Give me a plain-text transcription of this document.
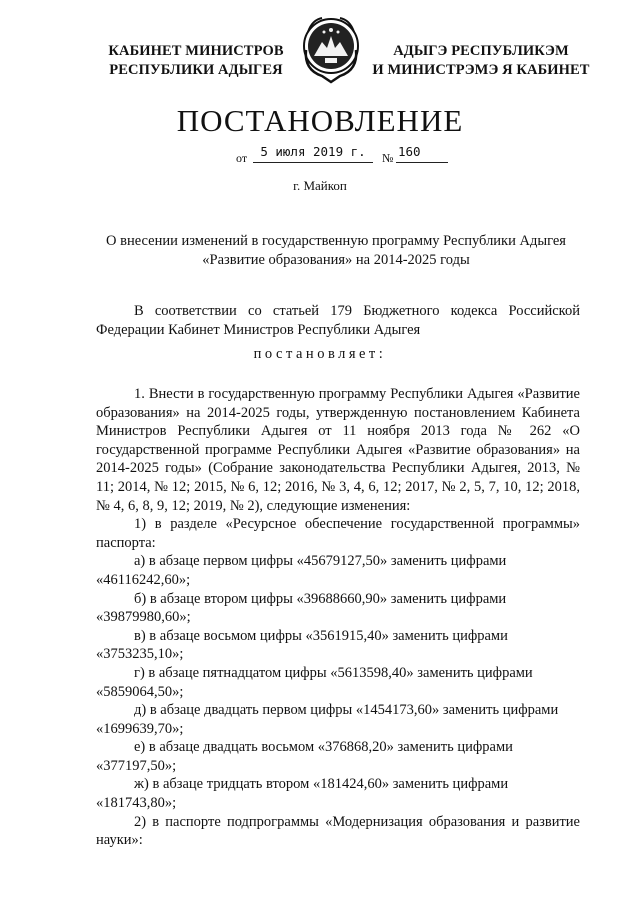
КАБИНЕТ МИНИСТРОВ
РЕСПУБЛИКИ АДЫГЕЯ
АДЫГЭ РЕСПУБЛИКЭМ
И МИНИСТРЭМЭ Я КАБИНЕТ
ПОСТАНОВЛЕНИЕ
от	5 июля 2019 г.	№ 160
г. Майкоп
О внесении изменений в государственную программу Республики Адыгея
«Развитие образования» на 2014-2025 годы

В соответствии со статьей 179 Бюджетного кодекса Российской Федерации Кабинет Министров Республики Адыгея

постановляет:

1. Внести в государственную программу Республики Адыгея «Развитие образования» на 2014-2025 годы, утвержденную постановлением Кабинета Министров Республики Адыгея от 11 ноября 2013 года № 262 «О государственной программе Республики Адыгея «Развитие образования» на 2014-2025 годы» (Собрание законодательства Республики Адыгея, 2013, № 11; 2014, № 12; 2015, № 6, 12; 2016, № 3, 4, 6, 12; 2017, № 2, 5, 7, 10, 12; 2018, № 4, 6, 8, 9, 12; 2019, № 2), следующие изменения:

1) в разделе «Ресурсное обеспечение государственной программы» паспорта:

а) в абзаце первом цифры «45679127,50» заменить цифрами

«46116242,60»;

б) в абзаце втором цифры «39688660,90» заменить цифрами

«39879980,60»;

в) в абзаце восьмом цифры «3561915,40» заменить цифрами

«3753235,10»;

г) в абзаце пятнадцатом цифры «5613598,40» заменить цифрами

«5859064,50»;

д) в абзаце двадцать первом цифры «1454173,60» заменить цифрами

«1699639,70»;

е) в абзаце двадцать восьмом «376868,20» заменить цифрами

«377197,50»;

ж) в абзаце тридцать втором «181424,60» заменить цифрами

«181743,80»;

2) в паспорте подпрограммы «Модернизация образования и развитие науки»:
